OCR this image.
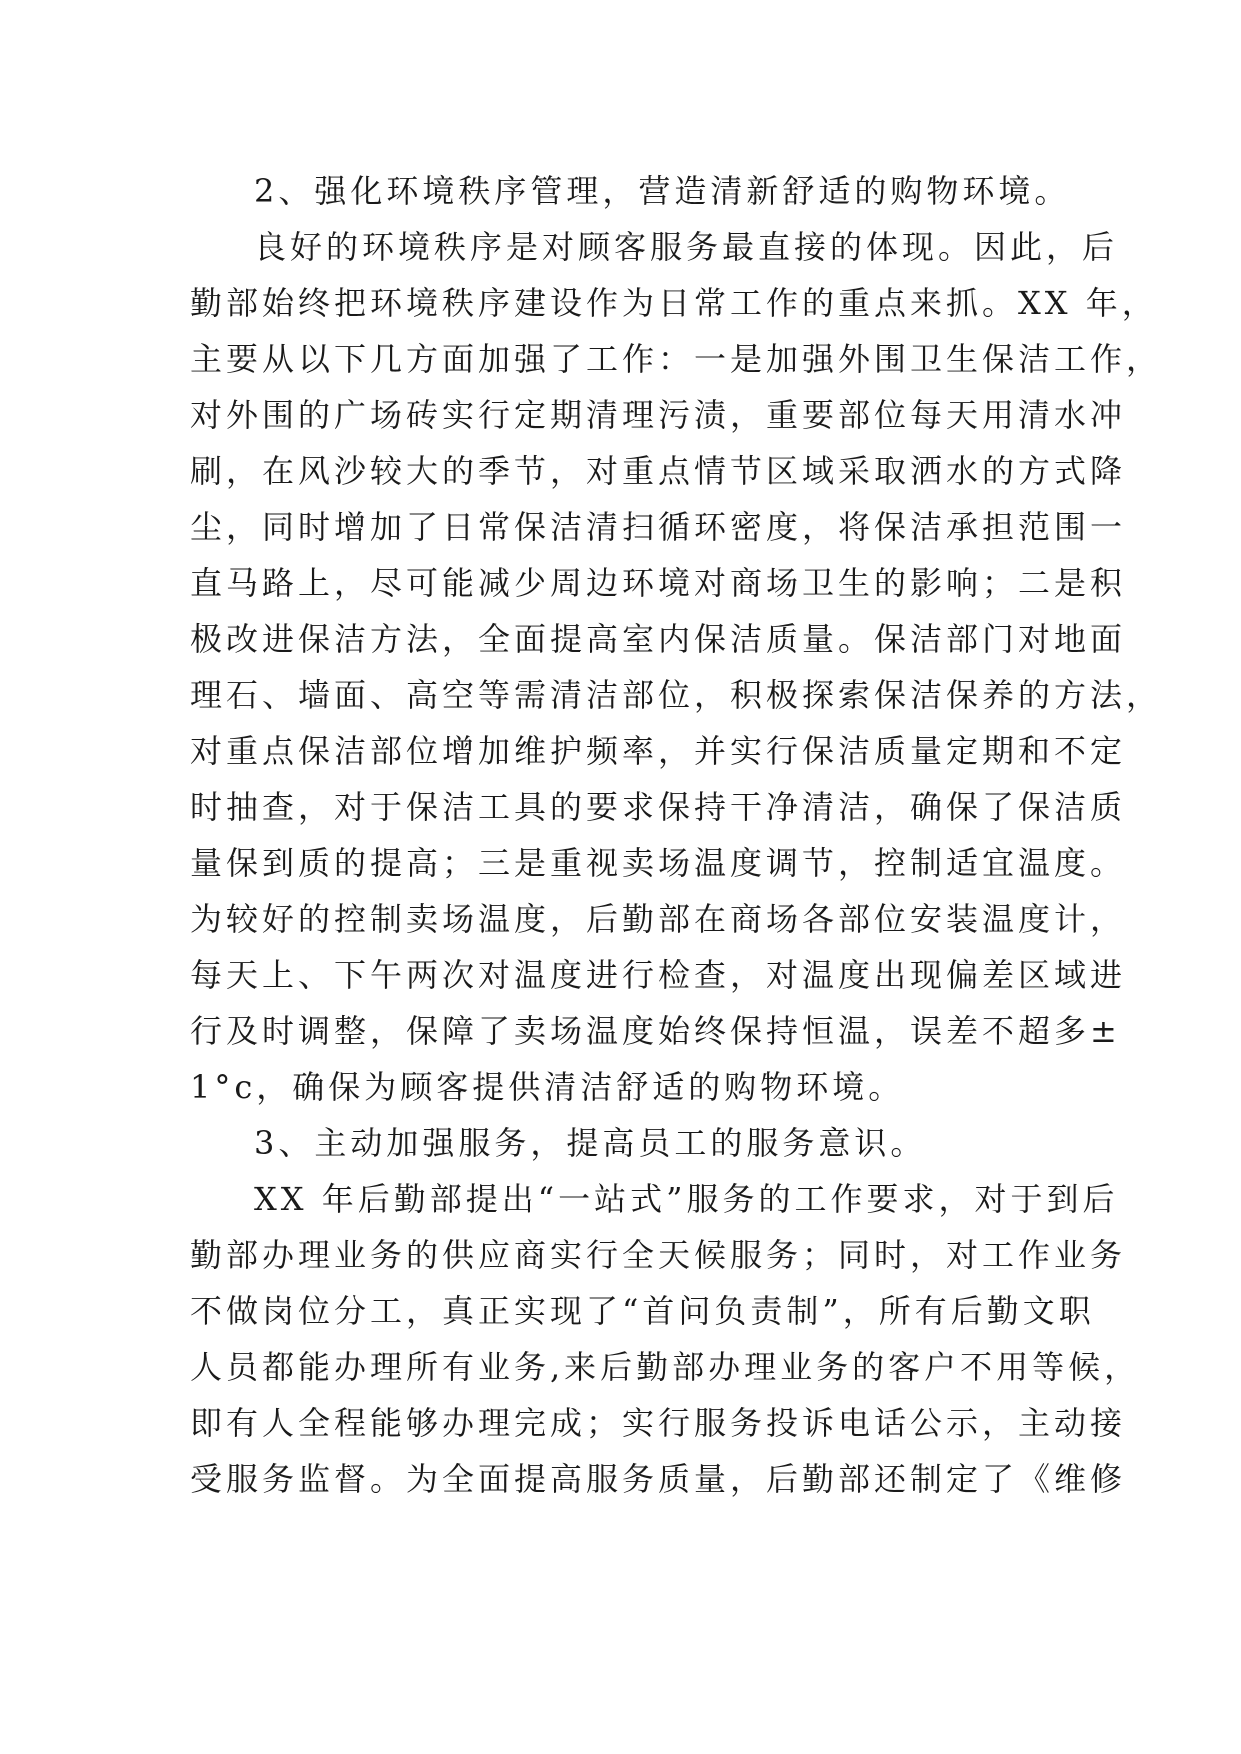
2、强化环境秩序管理，营造清新舒适的购物环境。
良好的环境秩序是对顾客服务最直接的体现。因此，后
勤部始终把环境秩序建设作为日常工作的重点来抓。XX 年，
主要从以下几方面加强了工作：一是加强外围卫生保洁工作，
对外围的广场砖实行定期清理污渍，重要部位每天用清水冲
刷，在风沙较大的季节，对重点情节区域采取洒水的方式降
尘，同时增加了日常保洁清扫循环密度，将保洁承担范围一
直马路上，尽可能减少周边环境对商场卫生的影响；二是积
极改进保洁方法，全面提高室内保洁质量。保洁部门对地面
理石、墙面、高空等需清洁部位，积极探索保洁保养的方法，
对重点保洁部位增加维护频率，并实行保洁质量定期和不定
时抽查，对于保洁工具的要求保持干净清洁，确保了保洁质
量保到质的提高；三是重视卖场温度调节，控制适宜温度。
为较好的控制卖场温度，后勤部在商场各部位安装温度计，
每天上、下午两次对温度进行检查，对温度出现偏差区域进
行及时调整，保障了卖场温度始终保持恒温，误差不超多±
1°c，确保为顾客提供清洁舒适的购物环境。
3、主动加强服务，提高员工的服务意识。
XX 年后勤部提出“一站式”服务的工作要求，对于到后
勤部办理业务的供应商实行全天候服务；同时，对工作业务
不做岗位分工，真正实现了“首问负责制”，所有后勤文职
人员都能办理所有业务,来后勤部办理业务的客户不用等候，
即有人全程能够办理完成；实行服务投诉电话公示，主动接
受服务监督。为全面提高服务质量，后勤部还制定了《维修
